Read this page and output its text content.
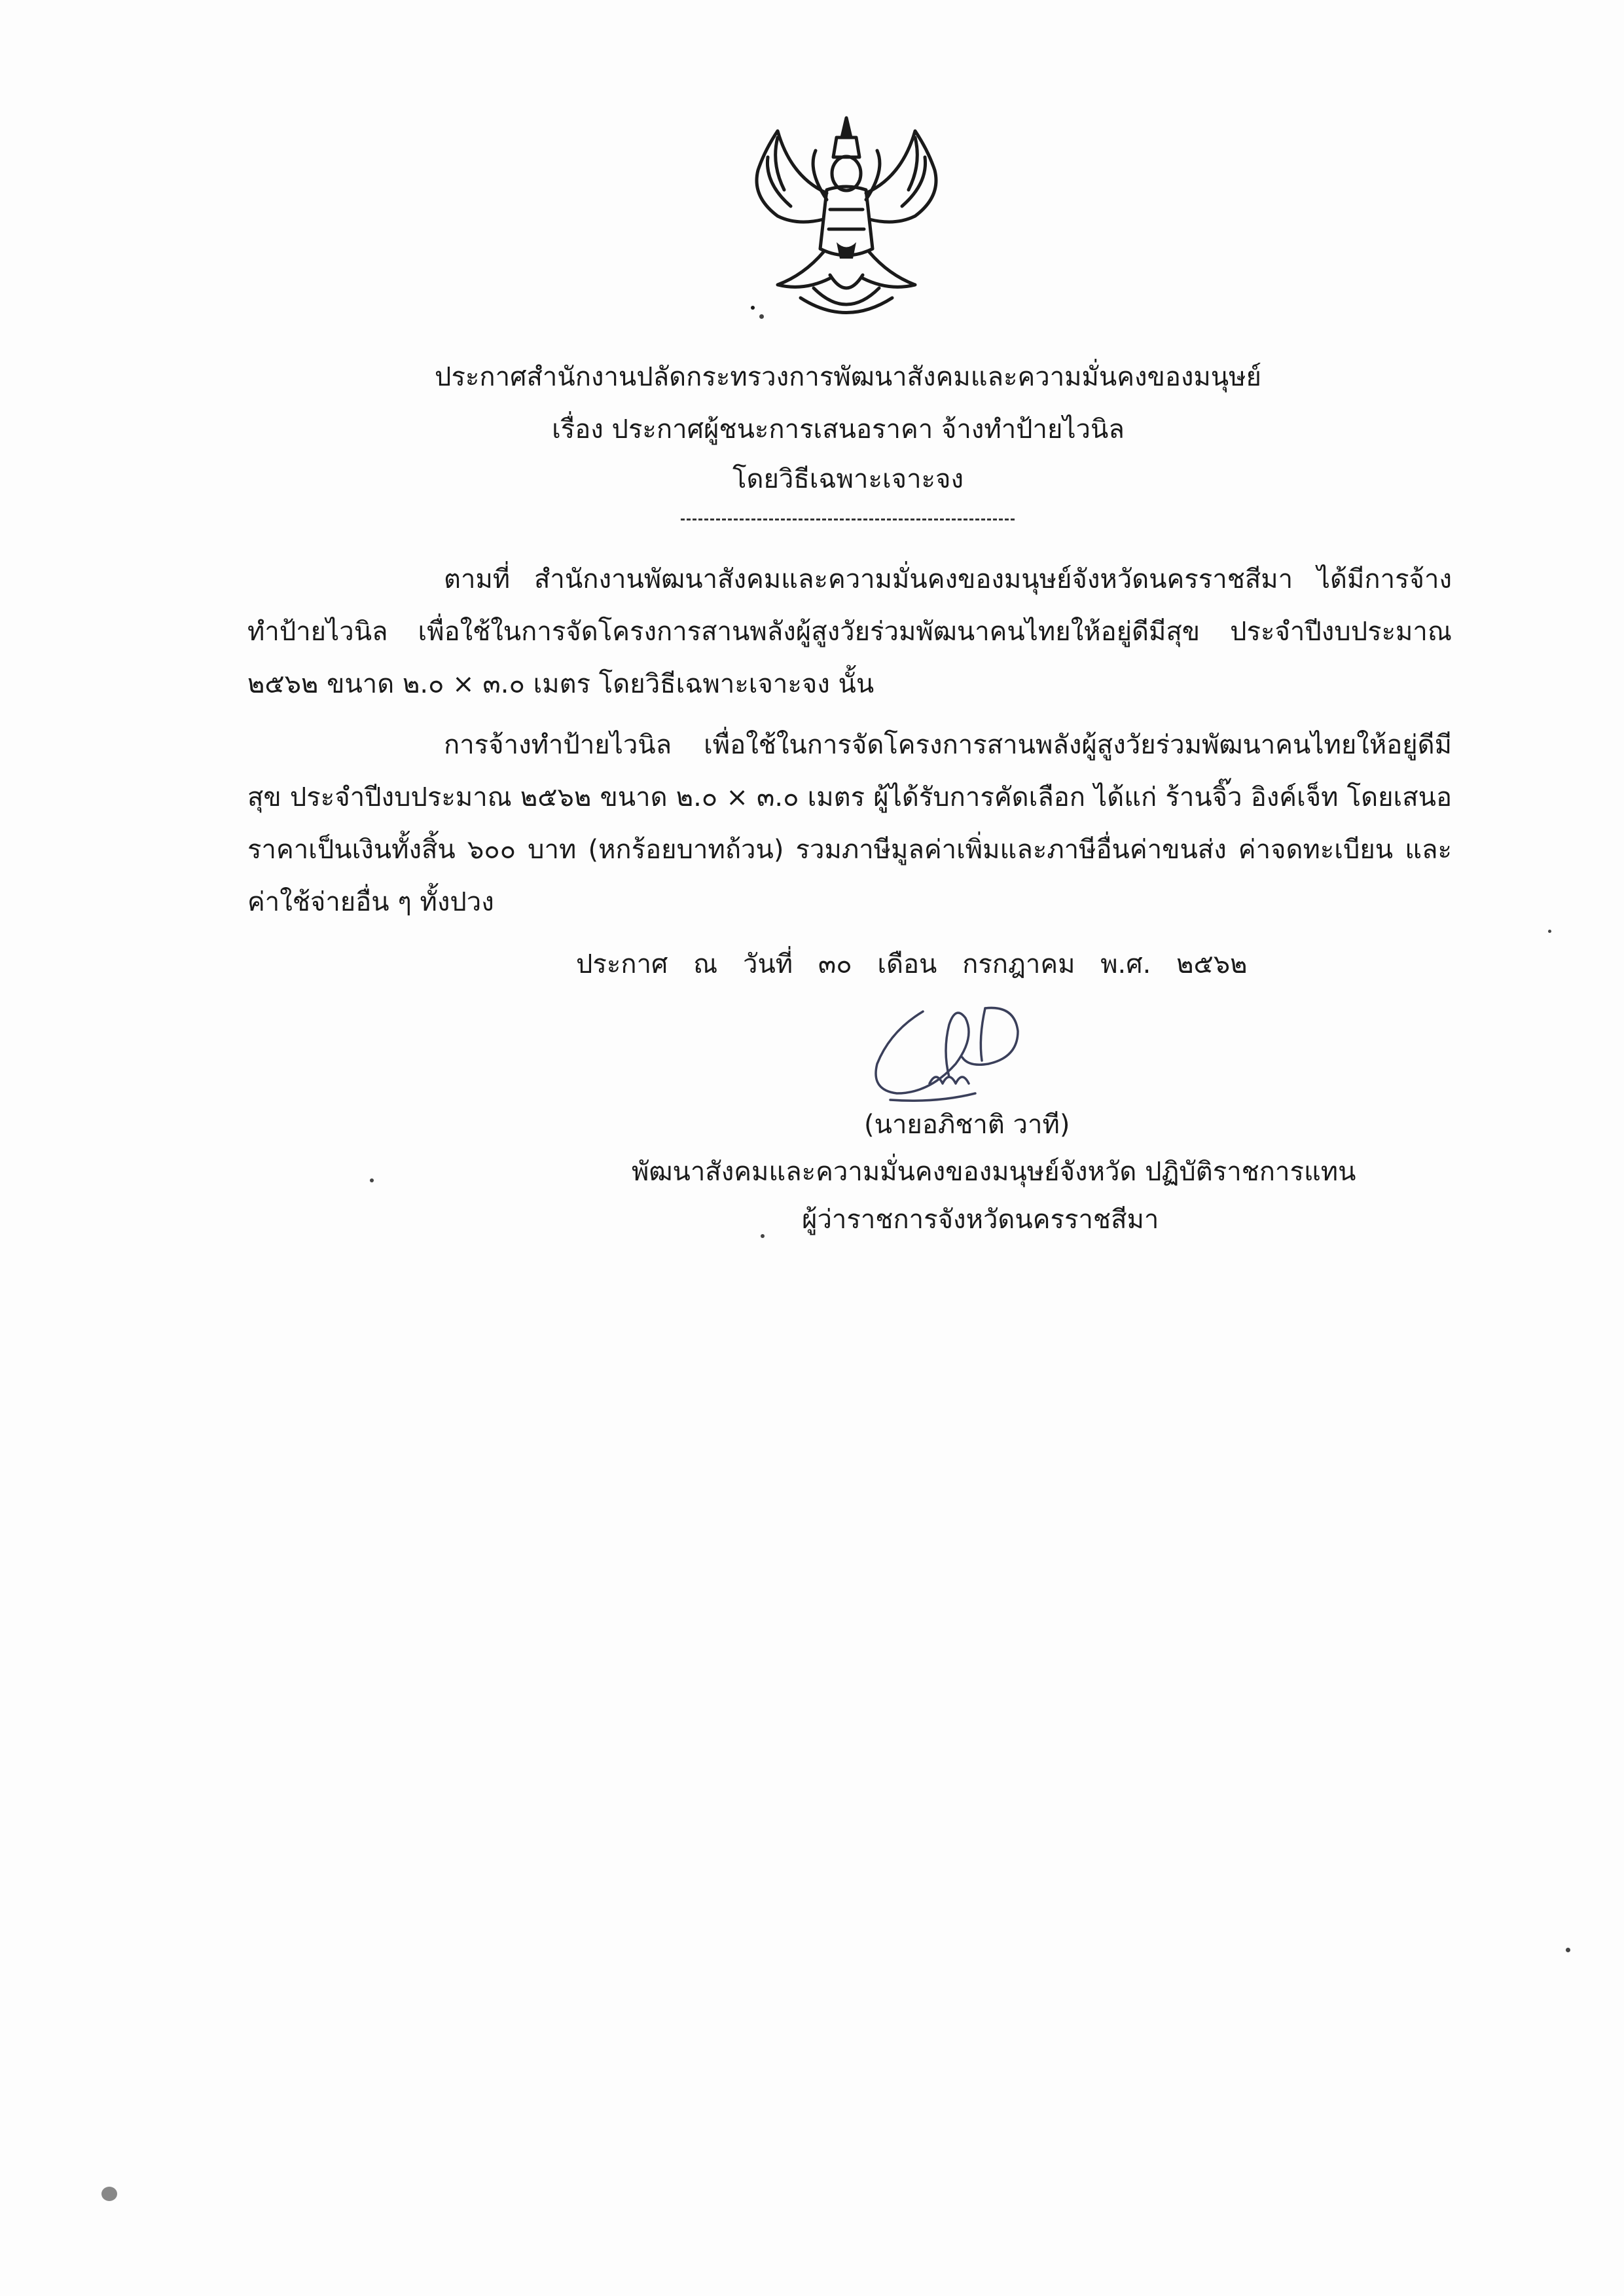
ประกาศสำนักงานปลัดกระทรวงการพัฒนาสังคมและความมั่นคงของมนุษย์
เรื่อง ประกาศผู้ชนะการเสนอราคา จ้างทำป้ายไวนิล
โดยวิธีเฉพาะเจาะจง
ตามที่ สำนักงานพัฒนาสังคมและความมั่นคงของมนุษย์จังหวัดนครราชสีมา ได้มีการจ้างทำป้ายไวนิล เพื่อใช้ในการจัดโครงการสานพลังผู้สูงวัยร่วมพัฒนาคนไทยให้อยู่ดีมีสุข ประจำปีงบประมาณ ๒๕๖๒ ขนาด ๒.๐ × ๓.๐ เมตร โดยวิธีเฉพาะเจาะจง นั้น
การจ้างทำป้ายไวนิล เพื่อใช้ในการจัดโครงการสานพลังผู้สูงวัยร่วมพัฒนาคนไทยให้อยู่ดีมีสุข ประจำปีงบประมาณ ๒๕๖๒ ขนาด ๒.๐ × ๓.๐ เมตร ผู้ได้รับการคัดเลือก ได้แก่ ร้านจิ๊ว อิงค์เจ็ท โดยเสนอราคาเป็นเงินทั้งสิ้น ๖๐๐ บาท (หกร้อยบาทถ้วน) รวมภาษีมูลค่าเพิ่มและภาษีอื่นค่าขนส่ง ค่าจดทะเบียน และค่าใช้จ่ายอื่น ๆ ทั้งปวง
ประกาศ ณ วันที่ ๓๐ เดือน กรกฎาคม พ.ศ. ๒๕๖๒
(นายอภิชาติ วาที)
พัฒนาสังคมและความมั่นคงของมนุษย์จังหวัด ปฏิบัติราชการแทน
ผู้ว่าราชการจังหวัดนครราชสีมา
